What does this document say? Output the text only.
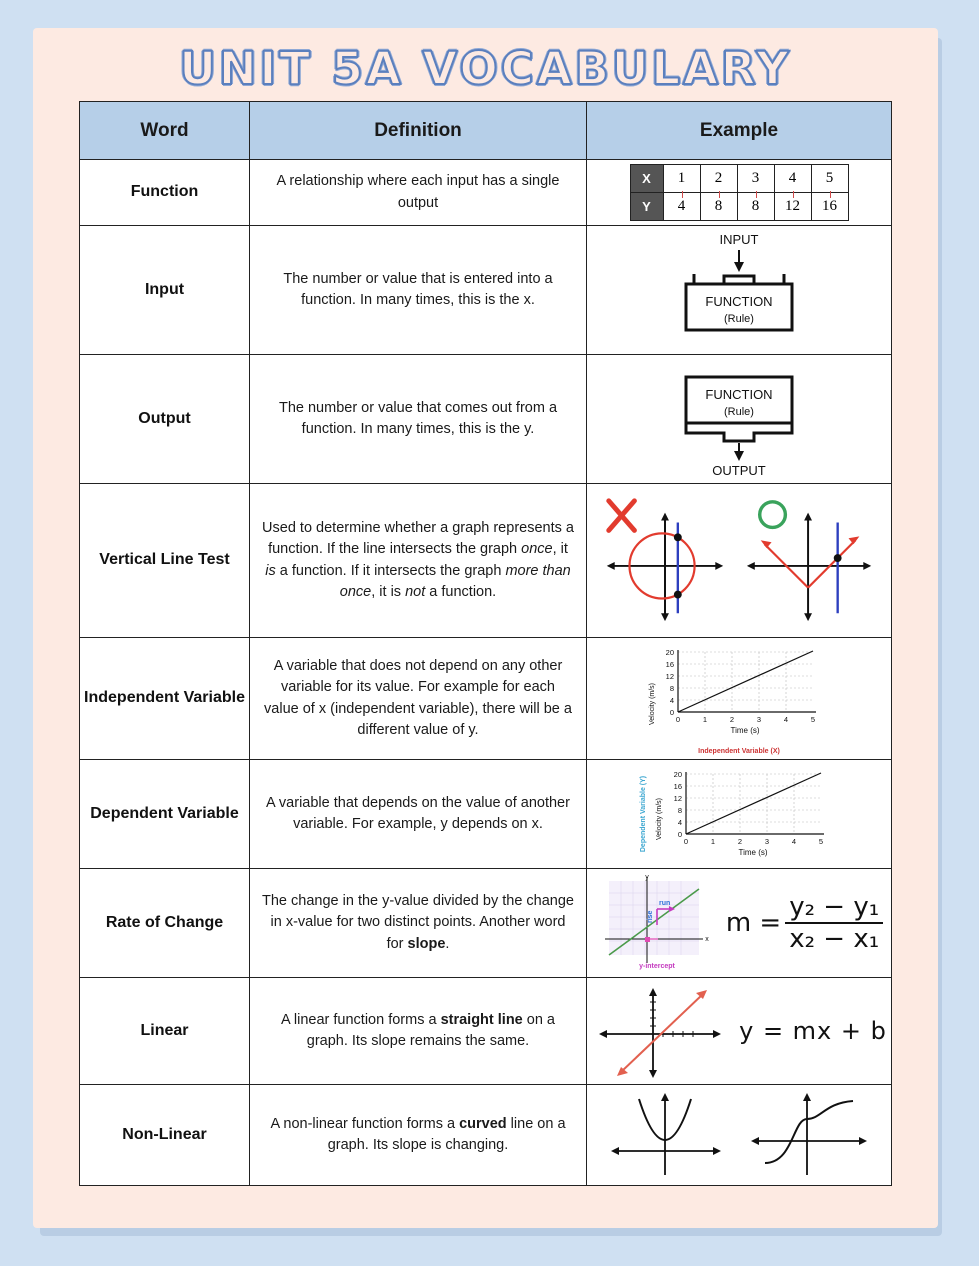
UNIT 5A VOCABULARY
Word	Definition	Example
Function	A relationship where each input has a single output	
X	1	2	3	4	5
Y	4	8	8	12	16

Input	The number or value that is entered into a function. In many times, this is the x.	
INPUT
FUNCTION
(Rule)

Output	The number or value that comes out from a function. In many times, this is the y.	
FUNCTION
(Rule)
OUTPUT

Vertical Line Test	Used to determine whether a graph represents a function. If the line intersects the graph once, it is a function. If it intersects the graph more than once, it is not a function.	

Independent Variable	A variable that does not depend on any other variable for its value. For example for each value of x (independent variable), there will be a different value of y.	
Velocity (m/s)
20
16
12
8
4
0
0	1	2	3	4	5
Time (s)
Independent Variable (X)

Dependent Variable	A variable that depends on the value of another variable. For example, y depends on x.	Dependent Variable (Y) Velocity (m/s)
20
16
12
8
4
0
0	1	2	3	4	5
Time (s)

Rate of Change	The change in the y-value divided by the change in x-value for two distinct points. Another word for slope.	
y
x
rise
run
y-intercept
$m = \frac{\text{y₂ − y₁}}{\text{x₂ − x₁}}$

Linear	A linear function forms a straight line on a graph. Its slope remains the same.	y = mx + b

Non-Linear	A non-linear function forms a curved line on a graph. Its slope is changing.	
